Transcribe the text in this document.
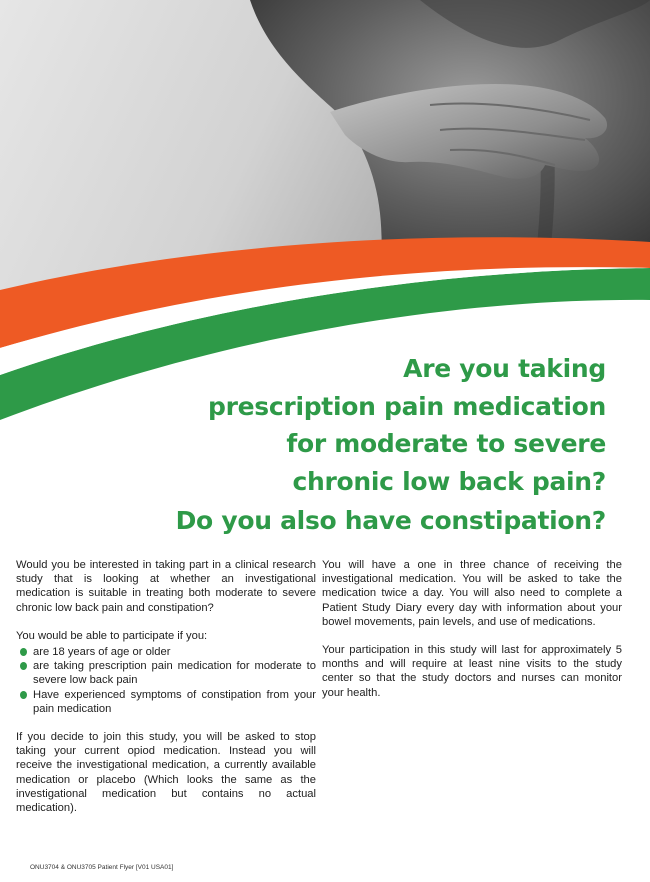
Are you taking
prescription pain medication
for moderate to severe
chronic low back pain?
Do you also have constipation?

Would you be interested in taking part in a clinical research study that is looking at whether an investigational medication is suitable in treating both moderate to severe chronic low back pain and constipation?

You would be able to participate if you:

are 18 years of age or older
are taking prescription pain medication for moderate to severe low back pain
Have experienced symptoms of constipation from your pain medication

If you decide to join this study, you will be asked to stop taking your current opiod medication. Instead you will receive the investigational medication, a currently available medication or placebo (Which looks the same as the investigational medication but contains no actual medication).

You will have a one in three chance of receiving the investigational medication. You will be asked to take the medication twice a day. You will also need to complete a Patient Study Diary every day with information about your bowel movements, pain levels, and use of medications.

Your participation in this study will last for approximately 5 months and will require at least nine visits to the study center so that the study doctors and nurses can monitor your health.

ONU3704 & ONU3705 Patient Flyer [V01 USA01]
